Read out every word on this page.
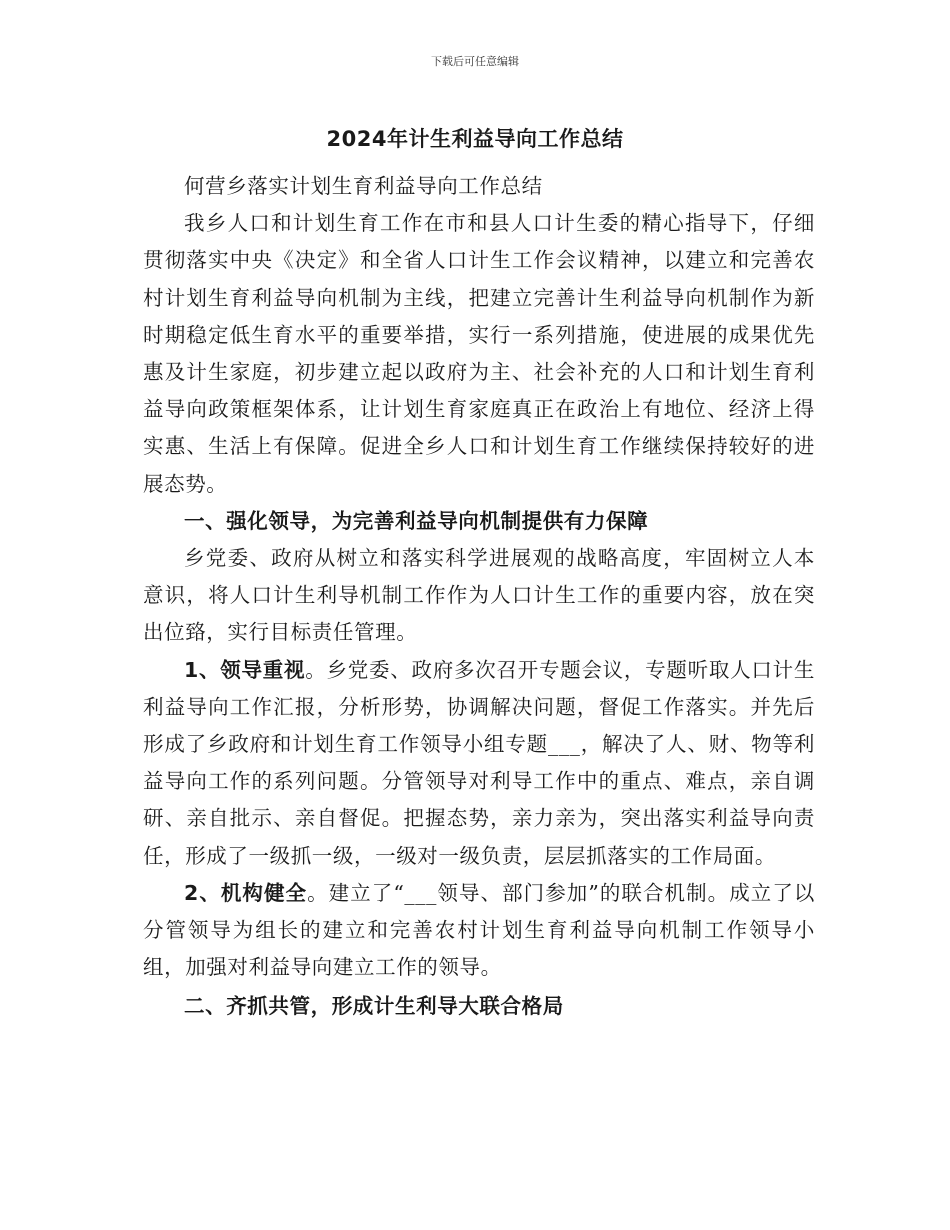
下载后可任意编辑
2024年计生利益导向工作总结

何营乡落实计划生育利益导向工作总结

我乡人口和计划生育工作在市和县人口计生委的精心指导下，仔细贯彻落实中央《决定》和全省人口计生工作会议精神，以建立和完善农村计划生育利益导向机制为主线，把建立完善计生利益导向机制作为新时期稳定低生育水平的重要举措，实行一系列措施，使进展的成果优先惠及计生家庭，初步建立起以政府为主、社会补充的人口和计划生育利益导向政策框架体系，让计划生育家庭真正在政治上有地位、经济上得实惠、生活上有保障。促进全乡人口和计划生育工作继续保持较好的进展态势。

一、强化领导，为完善利益导向机制提供有力保障

乡党委、政府从树立和落实科学进展观的战略高度，牢固树立人本意识，将人口计生利导机制工作作为人口计生工作的重要内容，放在突出位臵，实行目标责任管理。

1、领导重视。乡党委、政府多次召开专题会议，专题听取人口计生利益导向工作汇报，分析形势，协调解决问题，督促工作落实。并先后形成了乡政府和计划生育工作领导小组专题___，解决了人、财、物等利益导向工作的系列问题。分管领导对利导工作中的重点、难点，亲自调研、亲自批示、亲自督促。把握态势，亲力亲为，突出落实利益导向责任，形成了一级抓一级，一级对一级负责，层层抓落实的工作局面。

2、机构健全。建立了“___领导、部门参加”的联合机制。成立了以分管领导为组长的建立和完善农村计划生育利益导向机制工作领导小组，加强对利益导向建立工作的领导。

二、齐抓共管，形成计生利导大联合格局
